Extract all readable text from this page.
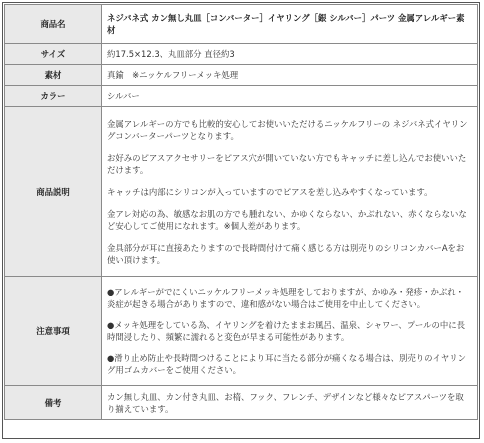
商品名	ネジバネ式 カン無し丸皿［コンバーター］イヤリング［銀 シルバー］パーツ 金属アレルギー素材
サイズ	約17.5×12.3、丸皿部分 直径約3
素材	真鍮　※ニッケルフリーメッキ処理
カラー	シルバー
商品説明	金属アレルギーの方でも比較的安心してお使いいただけるニッケルフリーの ネジバネ式イヤリングコンバーターパーツとなります。
お好みのピアスアクセサリーをピアス穴が開いていない方でもキャッチに差し込んでお使いいただけます。
キャッチは内部にシリコンが入っていますのでピアスを差し込みやすくなっています。
金アレ対応の為、敏感なお肌の方でも腫れない、かゆくならない、かぶれない、赤くならないなど安心してご使用になれます。※個人差があります。
金具部分が耳に直接あたりますので長時間付けて痛く感じる方は別売りのシリコンカバーAをお使い頂けます。

注意事項	●アレルギーがでにくいニッケルフリーメッキ処理をしておりますが、かゆみ・発疹・かぶれ・炎症が起きる場合がありますので、違和感がない場合はご使用を中止してください。
●メッキ処理をしている為、イヤリングを着けたままお風呂、温泉、シャワー、プールの中に長時間浸したり、頻繁に濡れると変色が早まる可能性があります。
●滑り止め防止や長時間つけることにより耳に当たる部分が痛くなる場合は、別売りのイヤリング用ゴムカバーをご使用ください。

備考	カン無し丸皿、カン付き丸皿、お楕、フック、フレンチ、デザインなど様々なピアスパーツを取り揃えています。
